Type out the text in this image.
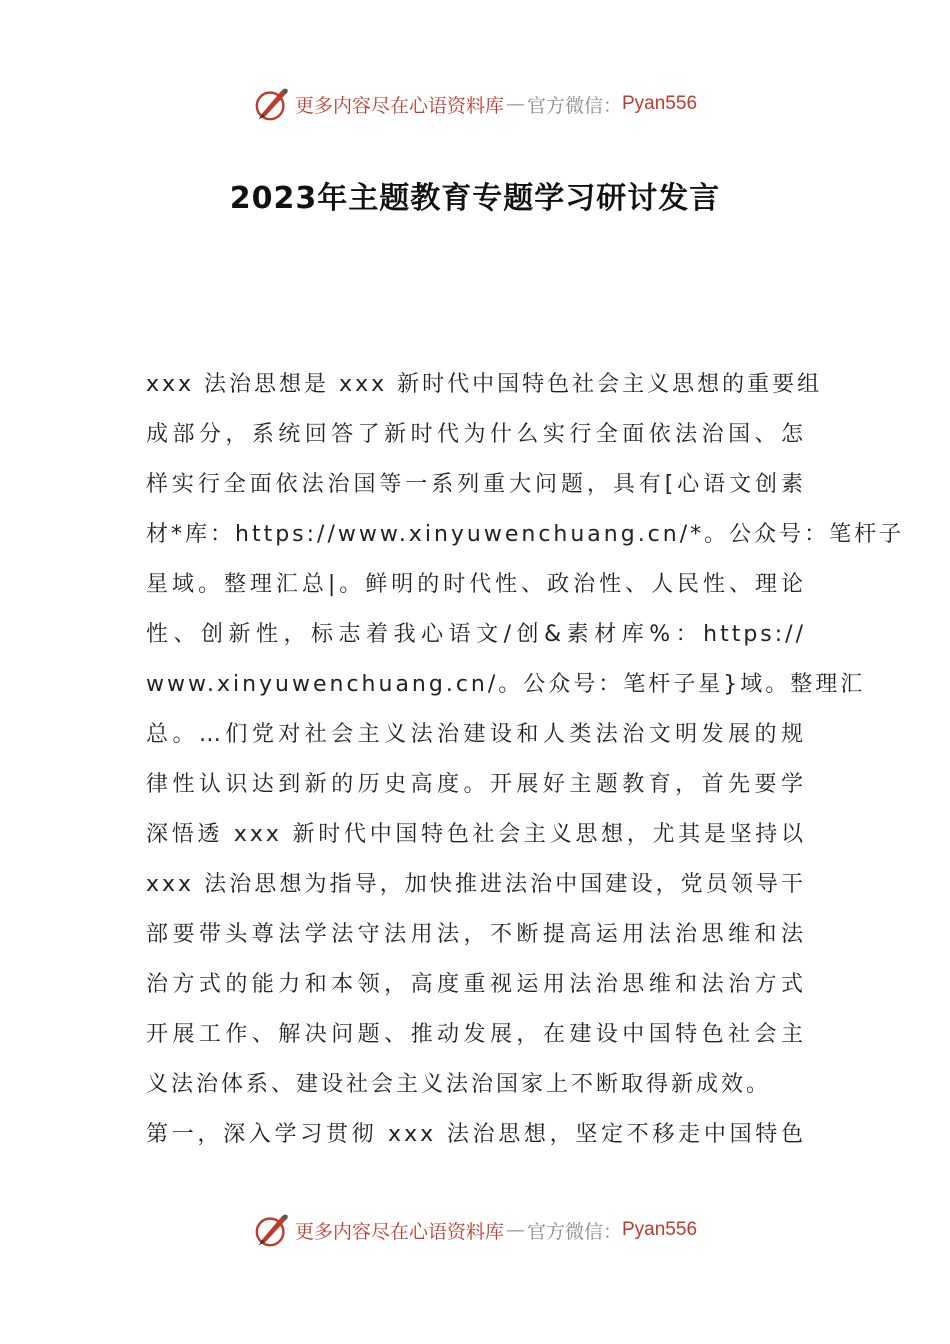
更多内容尽在心语资料库 — 官方微信： Pyan556
2023年主题教育专题学习研讨发言
xxx 法治思想是 xxx 新时代中国特色社会主义思想的重要组
成部分，系统回答了新时代为什么实行全面依法治国、怎
样实行全面依法治国等一系列重大问题，具有[心语文创素
材*库：https://www.xinyuwenchuang.cn/*。公众号：笔杆子
星域。整理汇总|。鲜明的时代性、政治性、人民性、理论
性、创新性，标志着我心语文/创&素材库%：https://
www.xinyuwenchuang.cn/。公众号：笔杆子星}域。整理汇
总。…们党对社会主义法治建设和人类法治文明发展的规
律性认识达到新的历史高度。开展好主题教育，首先要学
深悟透 xxx 新时代中国特色社会主义思想，尤其是坚持以
xxx 法治思想为指导，加快推进法治中国建设，党员领导干
部要带头尊法学法守法用法，不断提高运用法治思维和法
治方式的能力和本领，高度重视运用法治思维和法治方式
开展工作、解决问题、推动发展，在建设中国特色社会主
义法治体系、建设社会主义法治国家上不断取得新成效。
第一，深入学习贯彻 xxx 法治思想，坚定不移走中国特色
更多内容尽在心语资料库 — 官方微信： Pyan556
